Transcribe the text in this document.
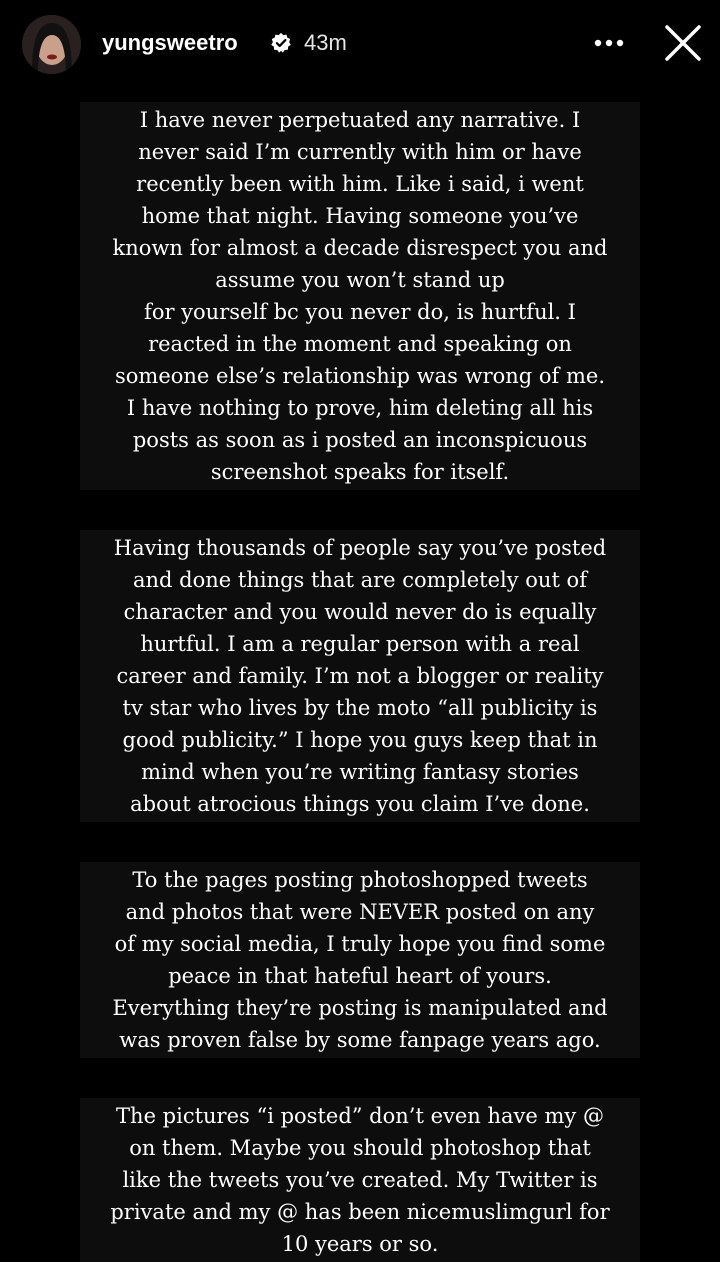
yungsweetro	43m
I have never perpetuated any narrative. I
never said I’m currently with him or have
recently been with him. Like i said, i went
home that night. Having someone you’ve
known for almost a decade disrespect you and
assume you won’t stand up
for yourself bc you never do, is hurtful. I
reacted in the moment and speaking on
someone else’s relationship was wrong of me.
I have nothing to prove, him deleting all his
posts as soon as i posted an inconspicuous
screenshot speaks for itself.
Having thousands of people say you’ve posted
and done things that are completely out of
character and you would never do is equally
hurtful. I am a regular person with a real
career and family. I’m not a blogger or reality
tv star who lives by the moto “all publicity is
good publicity.” I hope you guys keep that in
mind when you’re writing fantasy stories
about atrocious things you claim I’ve done.
To the pages posting photoshopped tweets
and photos that were NEVER posted on any
of my social media, I truly hope you find some
peace in that hateful heart of yours.
Everything they’re posting is manipulated and
was proven false by some fanpage years ago.
The pictures “i posted” don’t even have my @
on them. Maybe you should photoshop that
like the tweets you’ve created. My Twitter is
private and my @ has been nicemuslimgurl for
10 years or so.
